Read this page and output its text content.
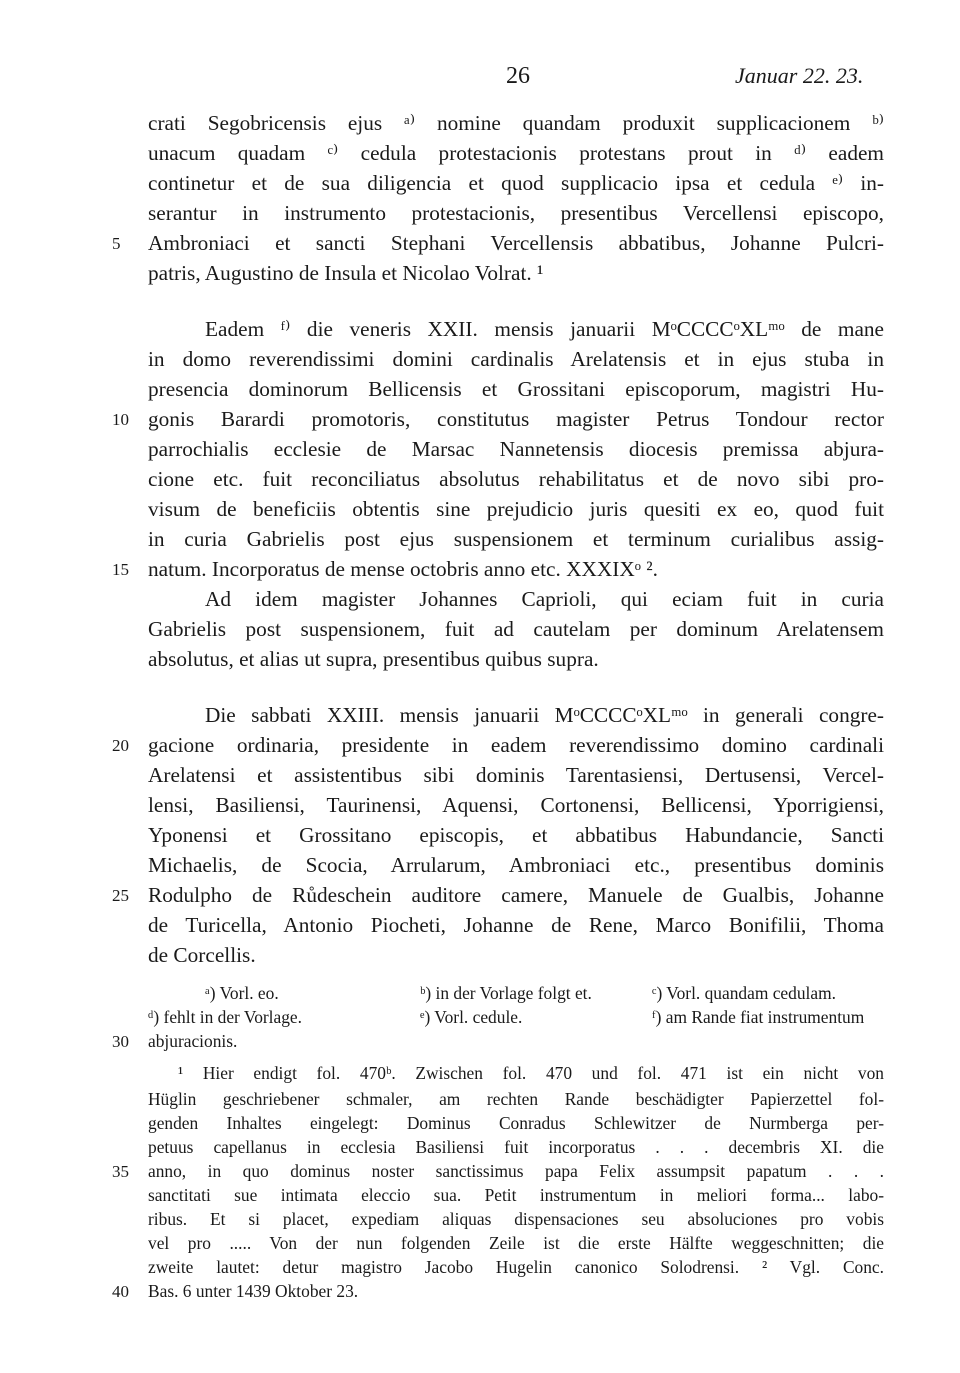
26	Januar 22. 23.
crati Segobricensis ejus ᵃ⁾ nomine quandam produxit supplicacionem ᵇ⁾
unacum quadam ᶜ⁾ cedula protestacionis protestans prout in ᵈ⁾ eadem
continetur et de sua diligencia et quod supplicacio ipsa et cedula ᵉ⁾ in-
serantur in instrumento protestacionis, presentibus Vercellensi episcopo,
Ambroniaci et sancti Stephani Vercellensis abbatibus, Johanne Pulcri-
patris, Augustino de Insula et Nicolao Volrat. ¹
Eadem ᶠ⁾ die veneris XXII. mensis januarii MᵒCCCCᵒXLᵐᵒ de mane
in domo reverendissimi domini cardinalis Arelatensis et in ejus stuba in
presencia dominorum Bellicensis et Grossitani episcoporum, magistri Hu-
gonis Barardi promotoris, constitutus magister Petrus Tondour rector
parrochialis ecclesie de Marsac Nannetensis diocesis premissa abjura-
cione etc. fuit reconciliatus absolutus rehabilitatus et de novo sibi pro-
visum de beneficiis obtentis sine prejudicio juris quesiti ex eo, quod fuit
in curia Gabrielis post ejus suspensionem et terminum curialibus assig-
natum. Incorporatus de mense octobris anno etc. XXXIXᵒ ².
Ad idem magister Johannes Caprioli, qui eciam fuit in curia
Gabrielis post suspensionem, fuit ad cautelam per dominum Arelatensem
absolutus, et alias ut supra, presentibus quibus supra.
Die sabbati XXIII. mensis januarii MᵒCCCCᵒXLᵐᵒ in generali congre-
gacione ordinaria, presidente in eadem reverendissimo domino cardinali
Arelatensi et assistentibus sibi dominis Tarentasiensi, Dertusensi, Vercel-
lensi, Basiliensi, Taurinensi, Aquensi, Cortonensi, Bellicensi, Yporrigiensi,
Yponensi et Grossitano episcopis, et abbatibus Habundancie, Sancti
Michaelis, de Scocia, Arrularum, Ambroniaci etc., presentibus dominis
Rodulpho de Růdeschein auditore camere, Manuele de Gualbis, Johanne
de Turicella, Antonio Piocheti, Johanne de Rene, Marco Bonifilii, Thoma
de Corcellis.
5
10
15
20
25
ᵃ) Vorl. eo.	ᵇ) in der Vorlage folgt et.	ᶜ) Vorl. quandam cedulam.
ᵈ) fehlt in der Vorlage.	ᵉ) Vorl. cedule.	ᶠ) am Rande fiat instrumentum
abjuracionis.
30
¹ Hier endigt fol. 470ᵇ. Zwischen fol. 470 und fol. 471 ist ein nicht von
Hüglin geschriebener schmaler, am rechten Rande beschädigter Papierzettel fol-
genden Inhaltes eingelegt: Dominus Conradus Schlewitzer de Nurmberga per-
petuus capellanus in ecclesia Basiliensi fuit incorporatus . . . decembris XI. die
anno, in quo dominus noster sanctissimus papa Felix assumpsit papatum . . .
sanctitati sue intimata eleccio sua. Petit instrumentum in meliori forma... labo-
ribus. Et si placet, expediam aliquas dispensaciones seu absoluciones pro vobis
vel pro ..... Von der nun folgenden Zeile ist die erste Hälfte weggeschnitten; die
zweite lautet: detur magistro Jacobo Hugelin canonico Solodrensi. ² Vgl. Conc.
Bas. 6 unter 1439 Oktober 23.
35
40
